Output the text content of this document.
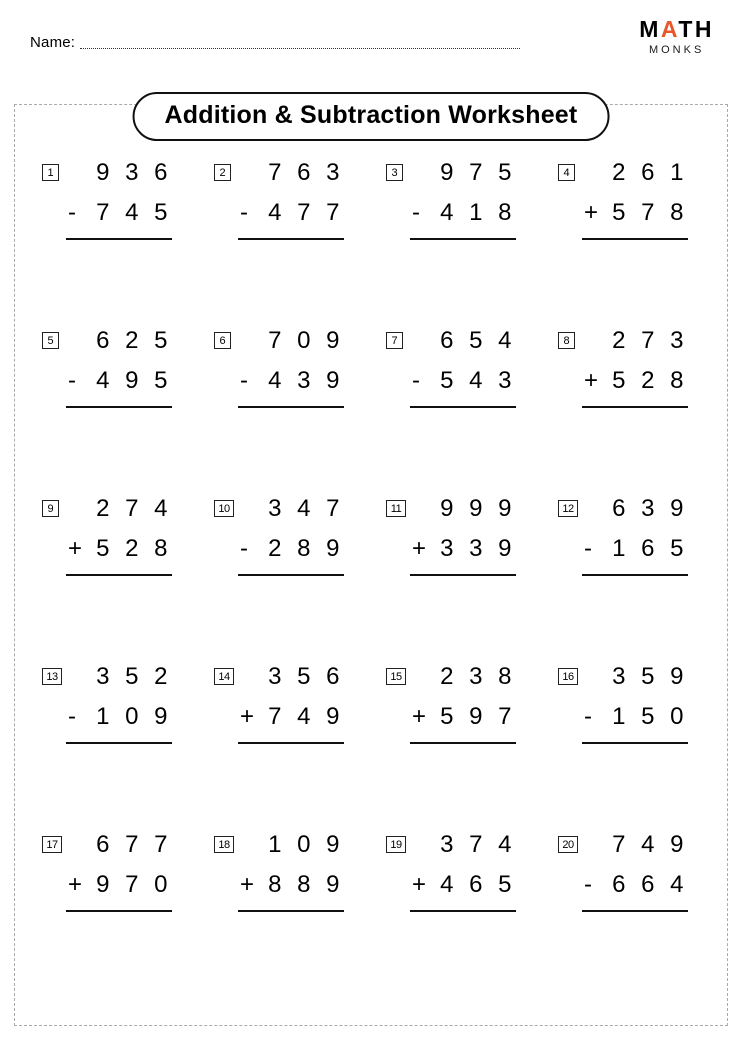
Name:
MATH
MONKS
Addition & Subtraction Worksheet
1	9 3 6
- 7 4 5
2	7 6 3
- 4 7 7
3	9 7 5
- 4 1 8
4	2 6 1
+ 5 7 8
5	6 2 5
- 4 9 5
6	7 0 9
- 4 3 9
7	6 5 4
- 5 4 3
8	2 7 3
+ 5 2 8
9	2 7 4
+ 5 2 8
10	3 4 7
- 2 8 9
11	9 9 9
+ 3 3 9
12	6 3 9
- 1 6 5
13	3 5 2
- 1 0 9
14	3 5 6
+ 7 4 9
15	2 3 8
+ 5 9 7
16	3 5 9
- 1 5 0
17	6 7 7
+ 9 7 0
18	1 0 9
+ 8 8 9
19	3 7 4
+ 4 6 5
20	7 4 9
- 6 6 4
